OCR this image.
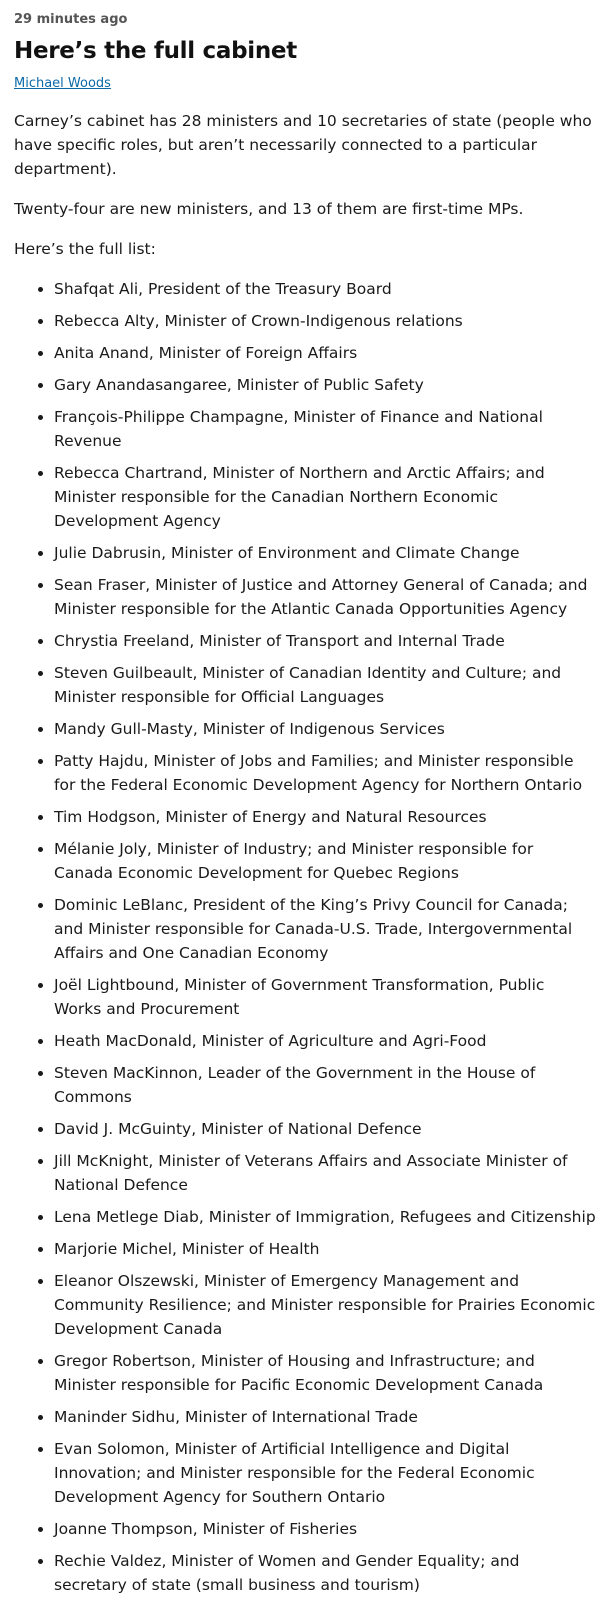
29 minutes ago
Here’s the full cabinet
Michael Woods

Carney’s cabinet has 28 ministers and 10 secretaries of state (people who have specific roles, but aren’t necessarily connected to a particular department).

Twenty-four are new ministers, and 13 of them are first-time MPs.

Here’s the full list:

• Shafqat Ali, President of the Treasury Board
• Rebecca Alty, Minister of Crown-Indigenous relations
• Anita Anand, Minister of Foreign Affairs
• Gary Anandasangaree, Minister of Public Safety
• François-Philippe Champagne, Minister of Finance and National Revenue
• Rebecca Chartrand, Minister of Northern and Arctic Affairs; and Minister responsible for the Canadian Northern Economic Development Agency
• Julie Dabrusin, Minister of Environment and Climate Change
• Sean Fraser, Minister of Justice and Attorney General of Canada; and Minister responsible for the Atlantic Canada Opportunities Agency
• Chrystia Freeland, Minister of Transport and Internal Trade
• Steven Guilbeault, Minister of Canadian Identity and Culture; and Minister responsible for Official Languages
• Mandy Gull-Masty, Minister of Indigenous Services
• Patty Hajdu, Minister of Jobs and Families; and Minister responsible for the Federal Economic Development Agency for Northern Ontario
• Tim Hodgson, Minister of Energy and Natural Resources
• Mélanie Joly, Minister of Industry; and Minister responsible for Canada Economic Development for Quebec Regions
• Dominic LeBlanc, President of the King’s Privy Council for Canada; and Minister responsible for Canada-U.S. Trade, Intergovernmental Affairs and One Canadian Economy
• Joël Lightbound, Minister of Government Transformation, Public Works and Procurement
• Heath MacDonald, Minister of Agriculture and Agri-Food
• Steven MacKinnon, Leader of the Government in the House of Commons
• David J. McGuinty, Minister of National Defence
• Jill McKnight, Minister of Veterans Affairs and Associate Minister of National Defence
• Lena Metlege Diab, Minister of Immigration, Refugees and Citizenship
• Marjorie Michel, Minister of Health
• Eleanor Olszewski, Minister of Emergency Management and Community Resilience; and Minister responsible for Prairies Economic Development Canada
• Gregor Robertson, Minister of Housing and Infrastructure; and Minister responsible for Pacific Economic Development Canada
• Maninder Sidhu, Minister of International Trade
• Evan Solomon, Minister of Artificial Intelligence and Digital Innovation; and Minister responsible for the Federal Economic Development Agency for Southern Ontario
• Joanne Thompson, Minister of Fisheries
• Rechie Valdez, Minister of Women and Gender Equality; and secretary of state (small business and tourism)
